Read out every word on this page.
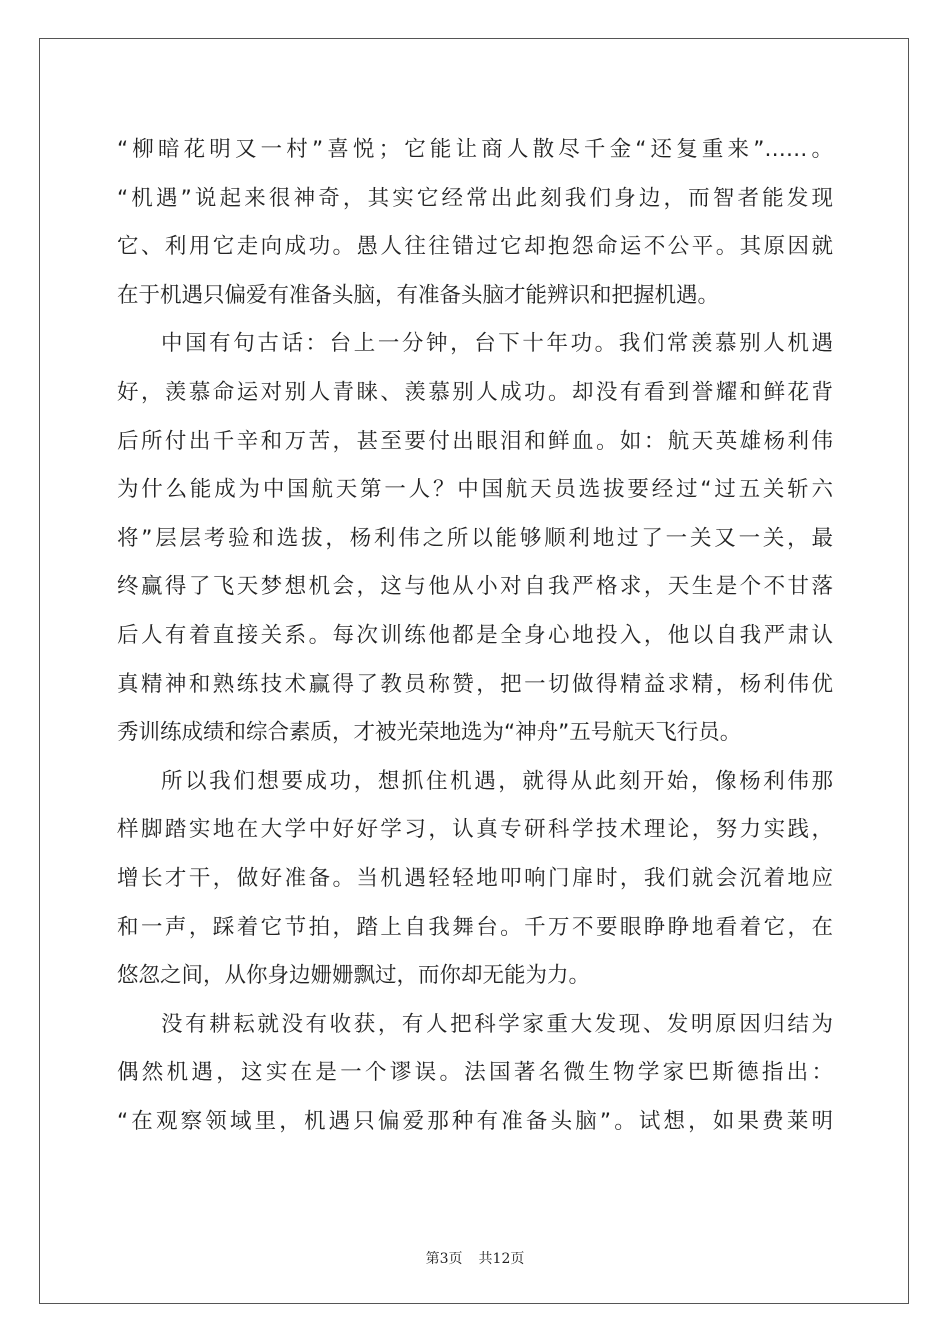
“柳暗花明又一村”喜悦；它能让商人散尽千金“还复重来”……。
“机遇”说起来很神奇，其实它经常出此刻我们身边，而智者能发现
它、利用它走向成功。愚人往往错过它却抱怨命运不公平。其原因就
在于机遇只偏爱有准备头脑，有准备头脑才能辨识和把握机遇。
中国有句古话：台上一分钟，台下十年功。我们常羡慕别人机遇
好，羡慕命运对别人青睐、羡慕别人成功。却没有看到誉耀和鲜花背
后所付出千辛和万苦，甚至要付出眼泪和鲜血。如：航天英雄杨利伟
为什么能成为中国航天第一人？中国航天员选拔要经过“过五关斩六
将”层层考验和选拔，杨利伟之所以能够顺利地过了一关又一关，最
终赢得了飞天梦想机会，这与他从小对自我严格求，天生是个不甘落
后人有着直接关系。每次训练他都是全身心地投入，他以自我严肃认
真精神和熟练技术赢得了教员称赞，把一切做得精益求精，杨利伟优
秀训练成绩和综合素质，才被光荣地选为“神舟”五号航天飞行员。
所以我们想要成功，想抓住机遇，就得从此刻开始，像杨利伟那
样脚踏实地在大学中好好学习，认真专研科学技术理论，努力实践，
增长才干，做好准备。当机遇轻轻地叩响门扉时，我们就会沉着地应
和一声，踩着它节拍，踏上自我舞台。千万不要眼睁睁地看着它，在
悠忽之间，从你身边姗姗飘过，而你却无能为力。
没有耕耘就没有收获，有人把科学家重大发现、发明原因归结为
偶然机遇，这实在是一个谬误。法国著名微生物学家巴斯德指出：
“在观察领域里，机遇只偏爱那种有准备头脑”。试想，如果费莱明
第3页 共12页
